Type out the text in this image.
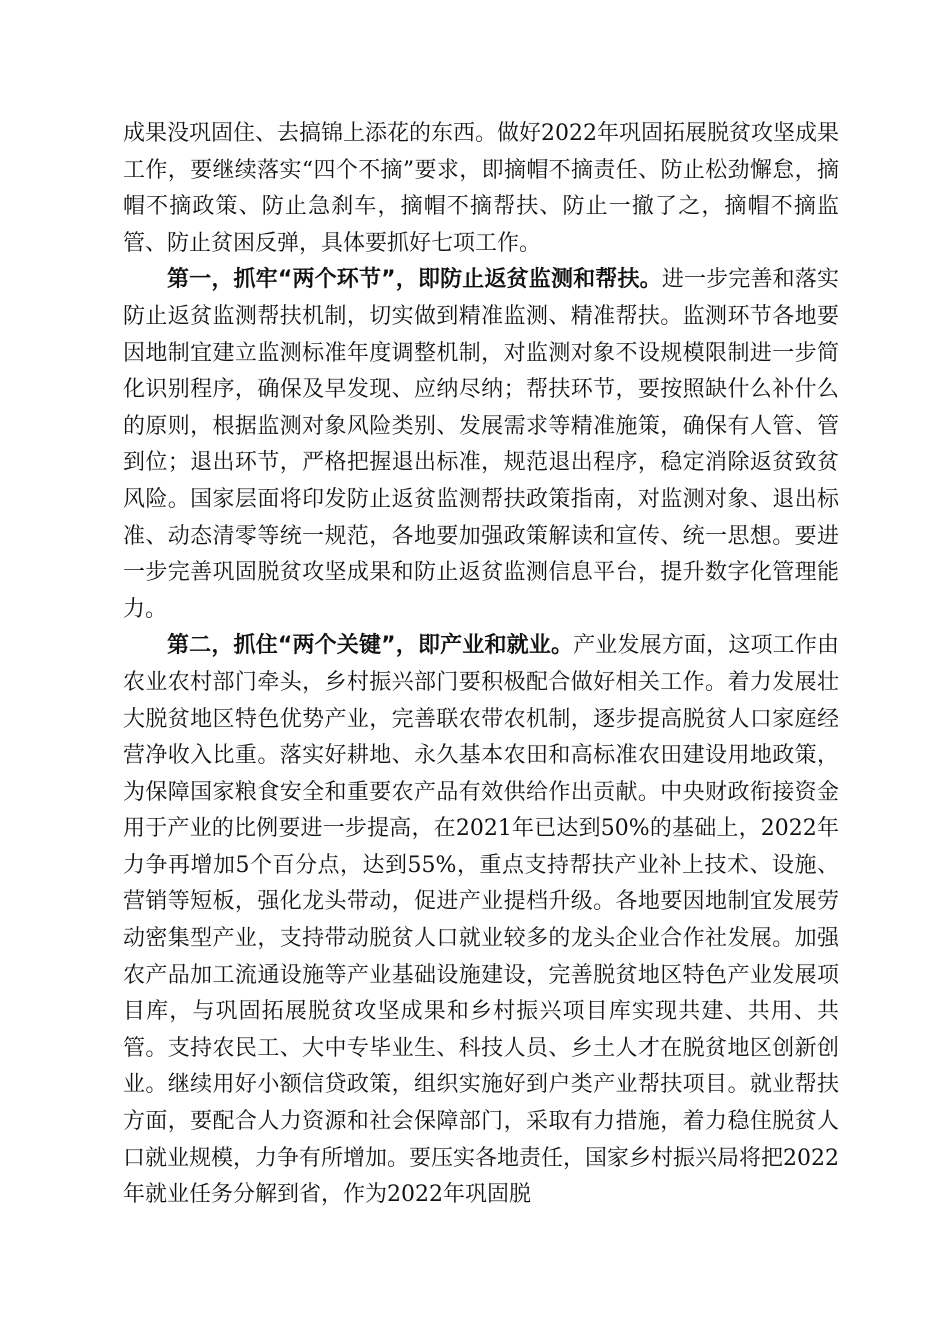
成果没巩固住、去搞锦上添花的东西。做好2022年巩固拓展脱贫攻坚成果工作，要继续落实“四个不摘”要求，即摘帽不摘责任、防止松劲懈怠，摘帽不摘政策、防止急刹车，摘帽不摘帮扶、防止一撤了之，摘帽不摘监管、防止贫困反弹，具体要抓好七项工作。

第一，抓牢“两个环节”，即防止返贫监测和帮扶。进一步完善和落实防止返贫监测帮扶机制，切实做到精准监测、精准帮扶。监测环节各地要因地制宜建立监测标准年度调整机制，对监测对象不设规模限制进一步简化识别程序，确保及早发现、应纳尽纳；帮扶环节，要按照缺什么补什么的原则，根据监测对象风险类别、发展需求等精准施策，确保有人管、管到位；退出环节，严格把握退出标准，规范退出程序，稳定消除返贫致贫风险。国家层面将印发防止返贫监测帮扶政策指南，对监测对象、退出标准、动态清零等统一规范，各地要加强政策解读和宣传、统一思想。要进一步完善巩固脱贫攻坚成果和防止返贫监测信息平台，提升数字化管理能力。

第二，抓住“两个关键”，即产业和就业。产业发展方面，这项工作由农业农村部门牵头，乡村振兴部门要积极配合做好相关工作。着力发展壮大脱贫地区特色优势产业，完善联农带农机制，逐步提高脱贫人口家庭经营净收入比重。落实好耕地、永久基本农田和高标准农田建设用地政策，为保障国家粮食安全和重要农产品有效供给作出贡献。中央财政衔接资金用于产业的比例要进一步提高，在2021年已达到50%的基础上，2022年力争再增加5个百分点，达到55%，重点支持帮扶产业补上技术、设施、营销等短板，强化龙头带动，促进产业提档升级。各地要因地制宜发展劳动密集型产业，支持带动脱贫人口就业较多的龙头企业合作社发展。加强农产品加工流通设施等产业基础设施建设，完善脱贫地区特色产业发展项目库，与巩固拓展脱贫攻坚成果和乡村振兴项目库实现共建、共用、共管。支持农民工、大中专毕业生、科技人员、乡土人才在脱贫地区创新创业。继续用好小额信贷政策，组织实施好到户类产业帮扶项目。就业帮扶方面，要配合人力资源和社会保障部门，采取有力措施，着力稳住脱贫人口就业规模，力争有所增加。要压实各地责任，国家乡村振兴局将把2022年就业任务分解到省，作为2022年巩固脱
